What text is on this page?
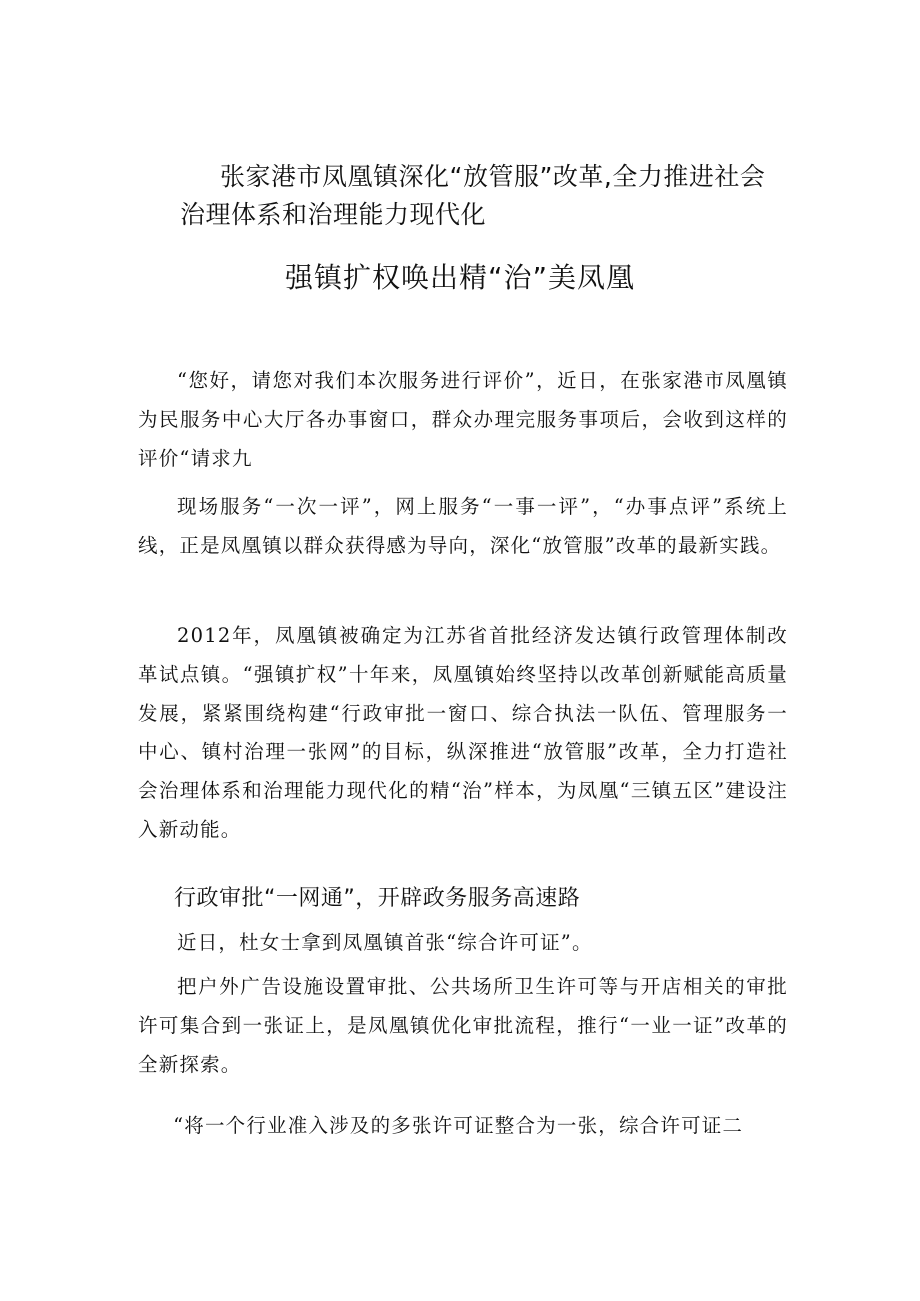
张家港市凤凰镇深化“放管服”改革,全力推进社会
治理体系和治理能力现代化
强镇扩权唤出精“治”美凤凰

“您好，请您对我们本次服务进行评价”，近日，在张家港市凤凰镇为民服务中心大厅各办事窗口，群众办理完服务事项后，会收到这样的评价“请求九

现场服务“一次一评”，网上服务“一事一评”，“办事点评”系统上线，正是凤凰镇以群众获得感为导向，深化“放管服”改革的最新实践。

2012年，凤凰镇被确定为江苏省首批经济发达镇行政管理体制改革试点镇。“强镇扩权”十年来，凤凰镇始终坚持以改革创新赋能高质量发展，紧紧围绕构建“行政审批一窗口、综合执法一队伍、管理服务一中心、镇村治理一张网”的目标，纵深推进“放管服”改革，全力打造社会治理体系和治理能力现代化的精“治”样本，为凤凰“三镇五区”建设注入新动能。

行政审批“一网通”，开辟政务服务高速路

近日，杜女士拿到凤凰镇首张“综合许可证”。

把户外广告设施设置审批、公共场所卫生许可等与开店相关的审批许可集合到一张证上，是凤凰镇优化审批流程，推行“一业一证”改革的全新探索。

“将一个行业准入涉及的多张许可证整合为一张，综合许可证二
